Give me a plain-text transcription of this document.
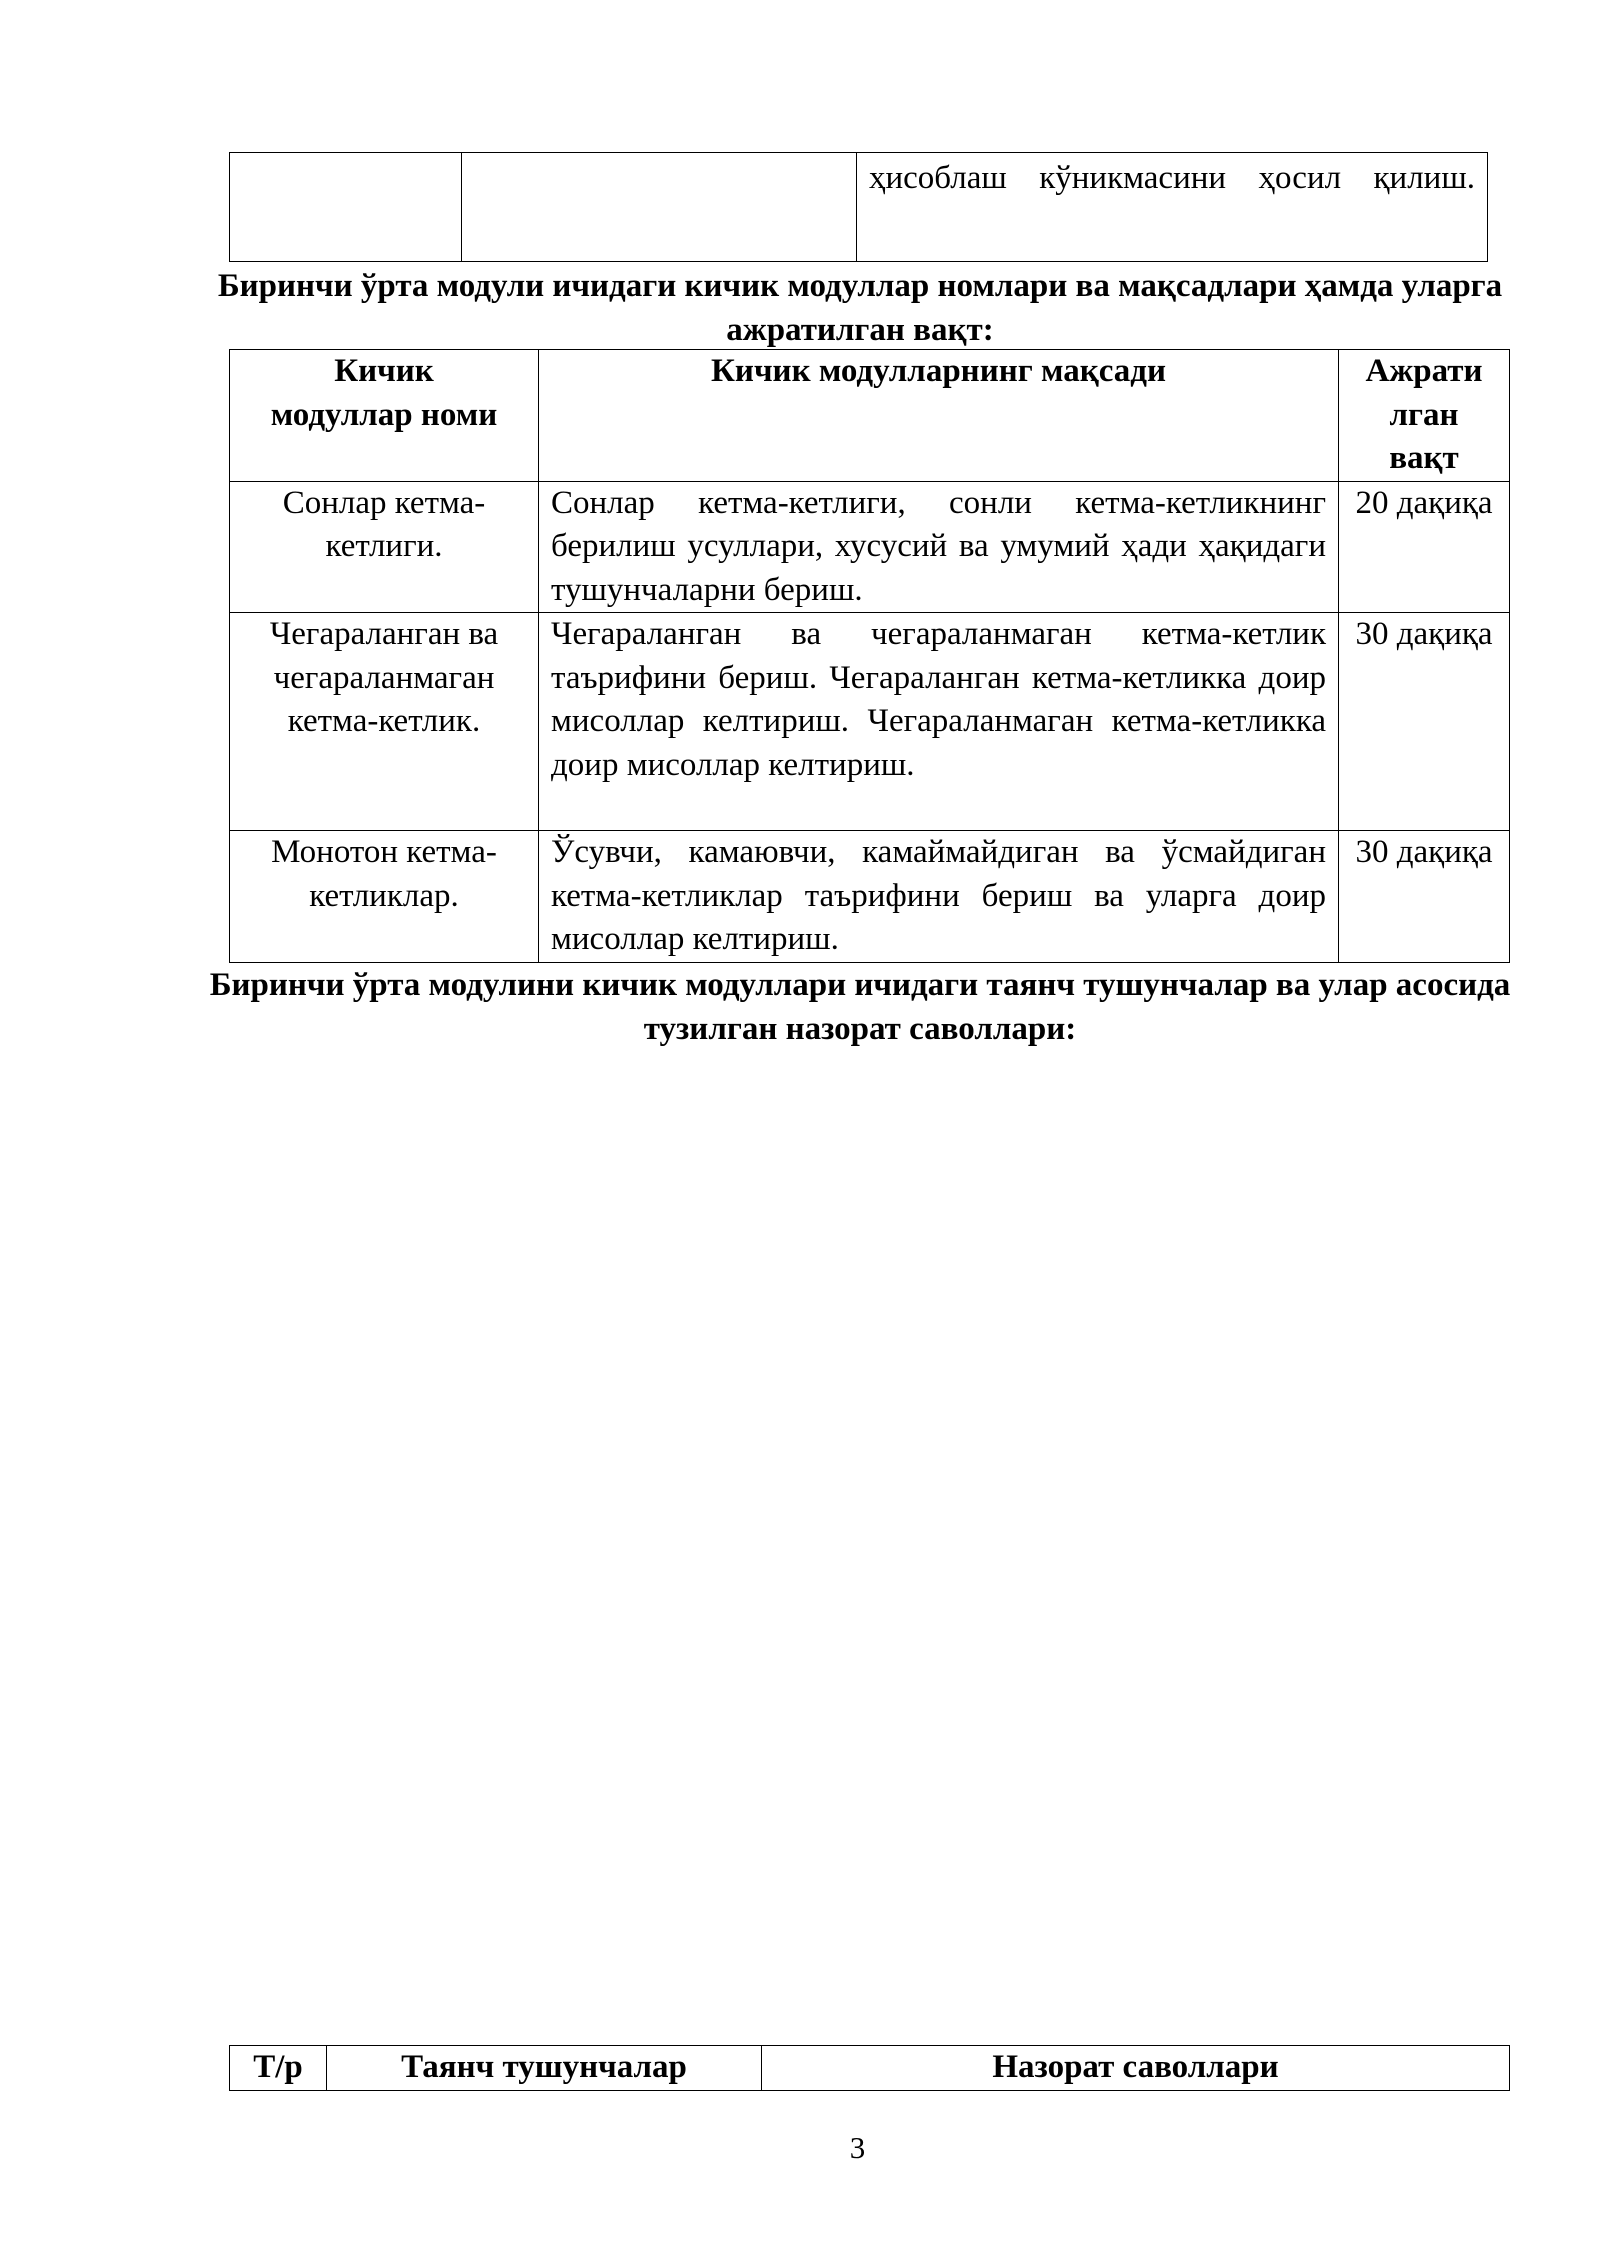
ҳисоблаш кўникмасини ҳосил қилиш.
Биринчи ўрта модули ичидаги кичик модуллар номлари ва мақсадлари ҳамда уларга ажратилган вақт:
Кичик
модуллар номи	Кичик модулларнинг мақсади	Ажрати
лган
вақт
Сонлар кетма-кетлиги.	Сонлар кетма-кетлиги, сонли кетма-кетликнинг берилиш усуллари, хусусий ва умумий ҳади ҳақидаги тушунчаларни бериш.	20 дақиқа
Чегараланган ва чегараланмаган кетма-кетлик.	Чегараланган ва чегараланмаган кетма-кетлик таърифини бериш. Чегараланган кетма-кетликка доир мисоллар келтириш. Чегараланмаган кетма-кетликка доир мисоллар келтириш.	30 дақиқа
Монотон кетма-кетликлар.	Ўсувчи, камаювчи, камаймайдиган ва ўсмайдиган кетма-кетликлар таърифини бериш ва уларга доир мисоллар келтириш.	30 дақиқа
Биринчи ўрта модулини кичик модуллари ичидаги таянч тушунчалар ва улар асосида тузилган назорат саволлари:
Т/р	Таянч тушунчалар	Назорат саволлари
3
